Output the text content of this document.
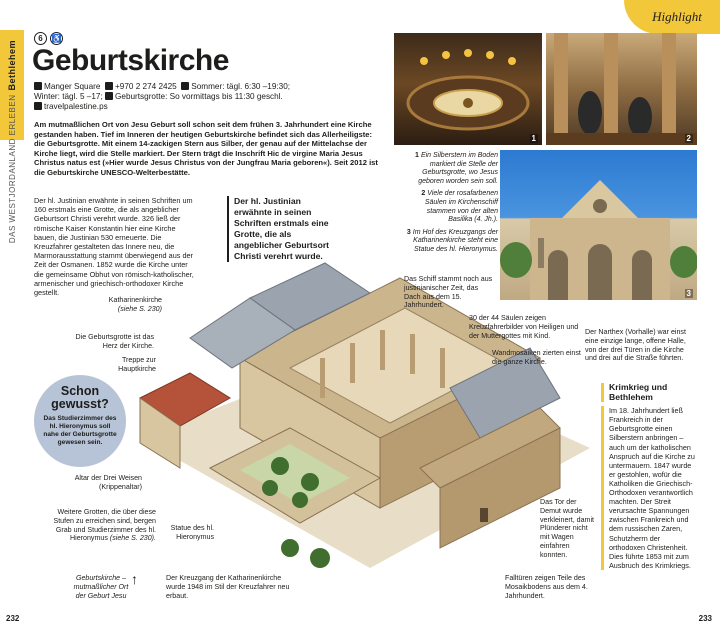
DAS WESTJORDANLAND ERLEBEN
Bethlehem
Highlight
6	♿
Geburtskirche
Manger Square +970 2 274 2425 Sommer: tägl. 6:30 –19:30;
Winter: tägl. 5 –17; Geburtsgrotte: So vormittags bis 11:30 geschl.
travelpalestine.ps
Am mutmaßlichen Ort von Jesu Geburt soll schon seit dem frühen 3. Jahrhundert eine Kirche gestanden haben. Tief im Inneren der heutigen Geburtskirche befindet sich das Allerheiligste: die Geburtsgrotte. Mit einem 14-zackigen Stern aus Silber, der genau auf der Mittelachse der Kirche liegt, wird die Stelle markiert. Der Stern trägt die Inschrift Hic de virgine Maria Jesus Christus natus est (»Hier wurde Jesus Christus von der Jungfrau Maria geboren«). Seit 2012 ist die Geburtskirche UNESCO-Welterbestätte.
Der hl. Justinian erwähnte in seinen Schriften um 160 erstmals eine Grotte, die als angeblicher Geburtsort Christi verehrt wurde. 326 ließ der römische Kaiser Konstantin hier eine Kirche bauen, die Justinian 530 erneuerte. Die Kreuzfahrer gestalteten das Innere neu, die Marmorausstattung stammt überwiegend aus der Zeit der Osmanen. 1852 wurde die Kirche unter die gemeinsame Obhut von römisch-katholischer, armenischer und griechisch-orthodoxer Kirche gestellt.
Der hl. Justinian erwähnte in seinen Schriften erstmals eine Grotte, die als angeblicher Geburtsort Christi verehrt wurde.
1	2
3
1 Ein Silberstern im Boden markiert die Stelle der Geburtsgrotte, wo Jesus geboren worden sein soll.
2 Viele der rosafarbenen Säulen im Kirchenschiff stammen von der alten Basilika (4. Jh.).
3 Im Hof des Kreuzgangs der Katharinenkirche steht eine Statue des hl. Hieronymus.
Katharinenkirche (siehe S. 230)
Die Geburtsgrotte ist das Herz der Kirche.
Treppe zur Hauptkirche
Altar der Drei Weisen (Krippenaltar)
Weitere Grotten, die über diese Stufen zu erreichen sind, bergen Grab und Studierzimmer des hl. Hieronymus (siehe S. 230).
Geburtskirche – mutmaßlicher Ort der Geburt Jesu
↑
Statue des hl. Hieronymus
Der Kreuzgang der Katharinenkirche wurde 1948 im Stil der Kreuzfahrer neu erbaut.
Das Schiff stammt noch aus justinianischer Zeit, das Dach aus dem 15. Jahrhundert.
30 der 44 Säulen zeigen Kreuzfahrerbilder von Heiligen und der Muttergottes mit Kind.
Wandmosaiken zierten einst die ganze Kirche.
Der Narthex (Vorhalle) war einst eine einzige lange, offene Halle, von der drei Türen in die Kirche und drei auf die Straße führten.
Das Tor der Demut wurde verkleinert, damit Plünderer nicht mit Wagen einfahren konnten.
Falltüren zeigen Teile des Mosaikbodens aus dem 4. Jahrhundert.
Schon gewusst?
Das Studierzimmer des hl. Hieronymus soll nahe der Geburtsgrotte gewesen sein.
Krimkrieg und Bethlehem
Im 18. Jahrhundert ließ Frankreich in der Geburtsgrotte einen Silberstern anbringen – auch um der katholischen Anspruch auf die Kirche zu untermauern. 1847 wurde er gestohlen, wofür die Katholiken die Griechisch-Orthodoxen verantwortlich machten. Der Streit verursachte Spannungen zwischen Frankreich und dem russischen Zaren, Schutzherrn der orthodoxen Christenheit. Dies führte 1853 mit zum Ausbruch des Krimkriegs.
232	233
